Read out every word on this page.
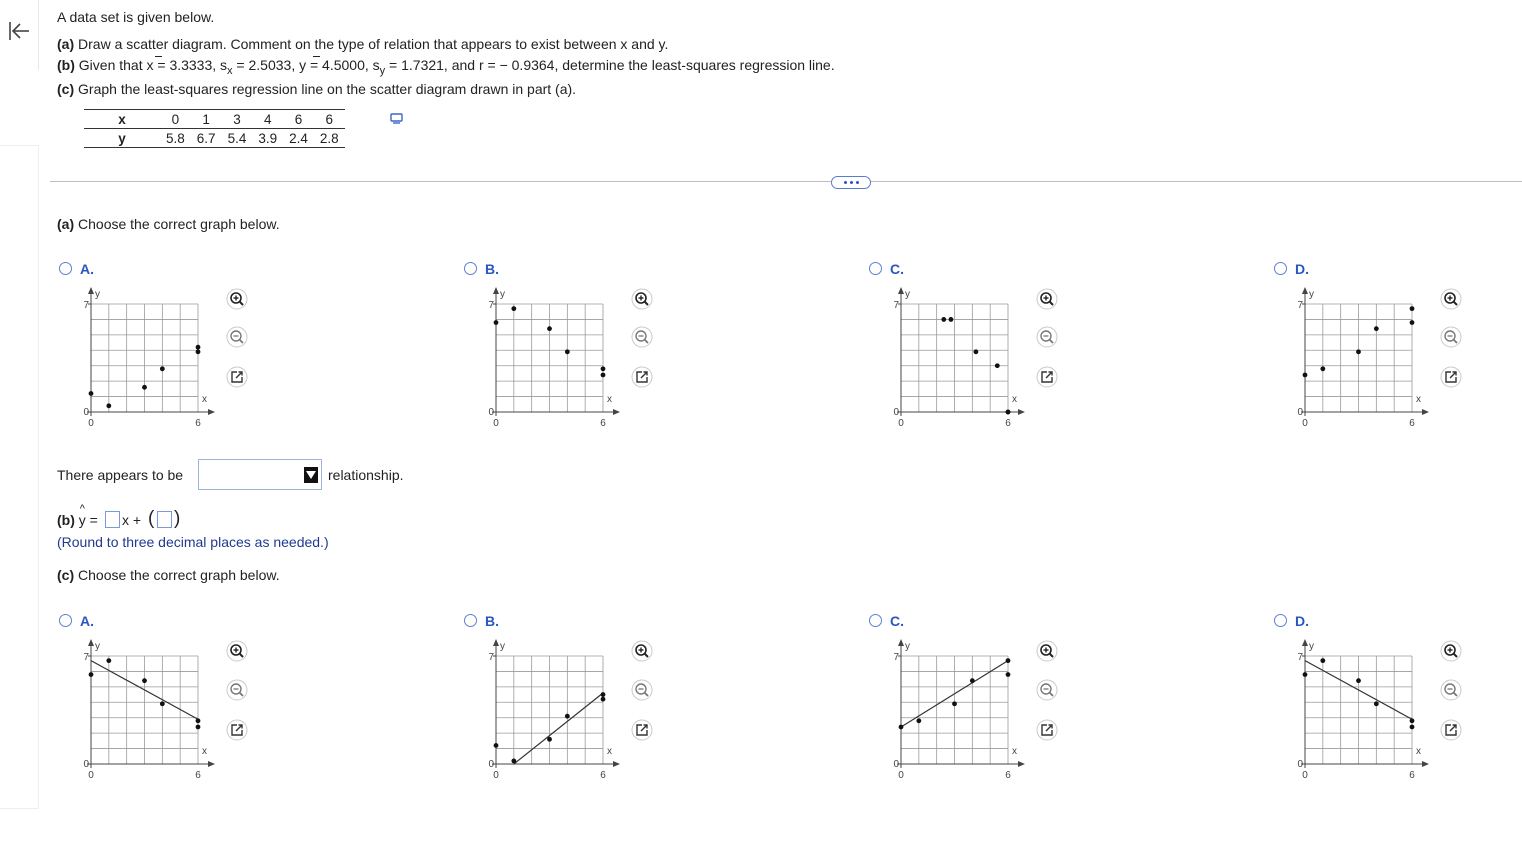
A data set is given below.
(a) Draw a scatter diagram. Comment on the type of relation that appears to exist between x and y.
(b) Given that x = 3.3333, $s_x = 2.5033$, y = 4.5000, $s_y = 1.7321$, and r = − 0.9364, determine the least-squares regression line.
(c) Graph the least-squares regression line on the scatter diagram drawn in part (a).
x	0	1	3	4	6	6
y	5.8	6.7	5.4	3.9	2.4	2.8
(a) Choose the correct graph below.
A.	B.	C.	D.
y
x
7
0
0	6
y
x
7
0
0	6
y
x
7
0
0	6
y
x
7
0
0	6
There appears to be	relationship.
(b) y
^
= x + ( )
(Round to three decimal places as needed.)
(c) Choose the correct graph below.
A.	B.	C.	D.
y
x
7
0
0	6
y
x
7
0
0	6
y
x
7
0
0	6
y
x
7
0
0	6
